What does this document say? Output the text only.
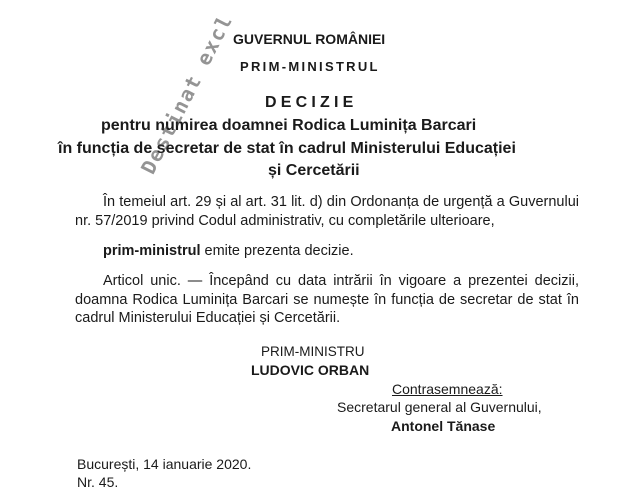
GUVERNUL ROMÂNIEI
PRIM-MINISTRUL
DECIZIE
pentru numirea doamnei Rodica Luminița Barcari
în funcția de secretar de stat în cadrul Ministerului Educației
și Cercetării
În temeiul art. 29 și al art. 31 lit. d) din Ordonanța de urgență a Guvernului
nr. 57/2019 privind Codul administrativ, cu completările ulterioare,
prim-ministrul emite prezenta decizie.
Articol unic. — Începând cu data intrării în vigoare a prezentei decizii,
doamna Rodica Luminița Barcari se numește în funcția de secretar de stat în
cadrul Ministerului Educației și Cercetării.
PRIM-MINISTRU
LUDOVIC ORBAN
Contrasemnează:
Secretarul general al Guvernului,
Antonel Tănase
București, 14 ianuarie 2020.
Nr. 45.
Destinat excl
